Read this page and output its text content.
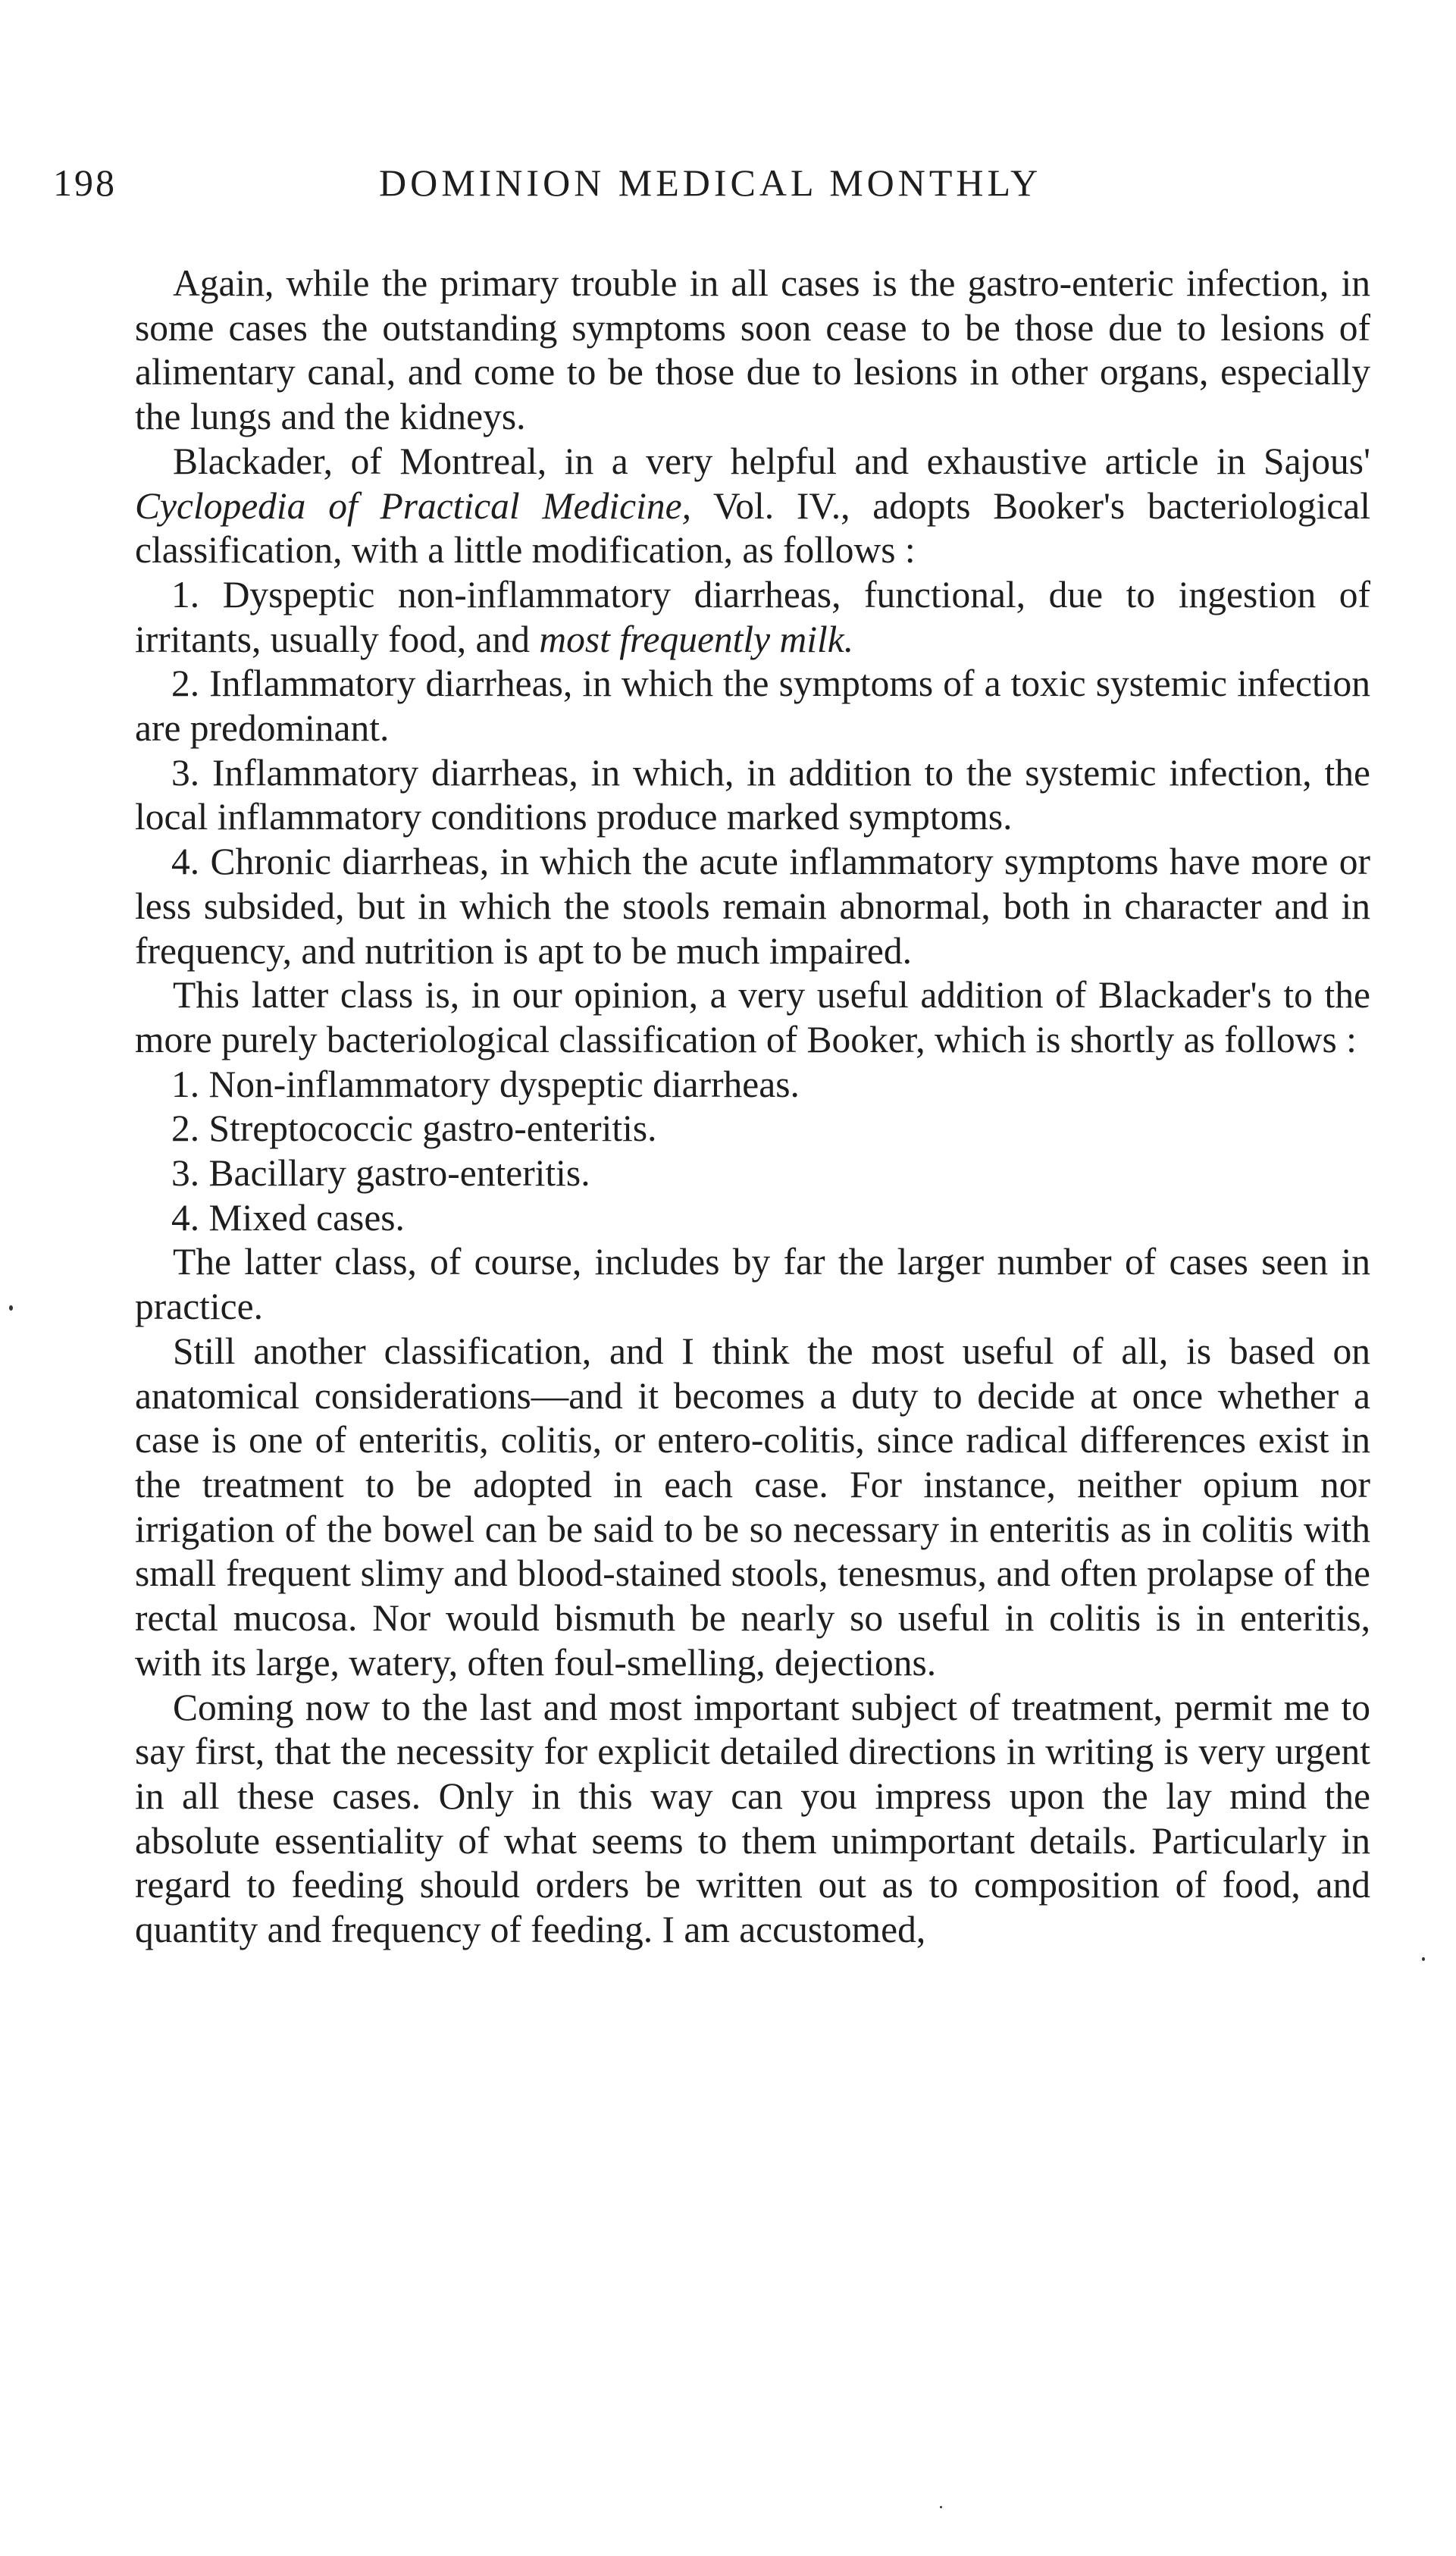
198	DOMINION MEDICAL MONTHLY

Again, while the primary trouble in all cases is the gastro-enteric infection, in some cases the outstanding symptoms soon cease to be those due to lesions of alimentary canal, and come to be those due to lesions in other organs, especially the lungs and the kidneys.

Blackader, of Montreal, in a very helpful and exhaustive article in Sajous' Cyclopedia of Practical Medicine, Vol. IV., adopts Booker's bacteriological classification, with a little modification, as follows :

1. Dyspeptic non-inflammatory diarrheas, functional, due to ingestion of irritants, usually food, and most frequently milk.

2. Inflammatory diarrheas, in which the symptoms of a toxic systemic infection are predominant.

3. Inflammatory diarrheas, in which, in addition to the systemic infection, the local inflammatory conditions produce marked symptoms.

4. Chronic diarrheas, in which the acute inflammatory symptoms have more or less subsided, but in which the stools remain abnormal, both in character and in frequency, and nutrition is apt to be much impaired.

This latter class is, in our opinion, a very useful addition of Blackader's to the more purely bacteriological classification of Booker, which is shortly as follows :

1. Non-inflammatory dyspeptic diarrheas.

2. Streptococcic gastro-enteritis.

3. Bacillary gastro-enteritis.

4. Mixed cases.

The latter class, of course, includes by far the larger number of cases seen in practice.

Still another classification, and I think the most useful of all, is based on anatomical considerations—and it becomes a duty to decide at once whether a case is one of enteritis, colitis, or entero-colitis, since radical differences exist in the treatment to be adopted in each case. For instance, neither opium nor irrigation of the bowel can be said to be so necessary in enteritis as in colitis with small frequent slimy and blood-stained stools, tenesmus, and often prolapse of the rectal mucosa. Nor would bismuth be nearly so useful in colitis is in enteritis, with its large, watery, often foul-smelling, dejections.

Coming now to the last and most important subject of treatment, permit me to say first, that the necessity for explicit detailed directions in writing is very urgent in all these cases. Only in this way can you impress upon the lay mind the absolute essentiality of what seems to them unimportant details. Particularly in regard to feeding should orders be written out as to composition of food, and quantity and frequency of feeding. I am accustomed,
